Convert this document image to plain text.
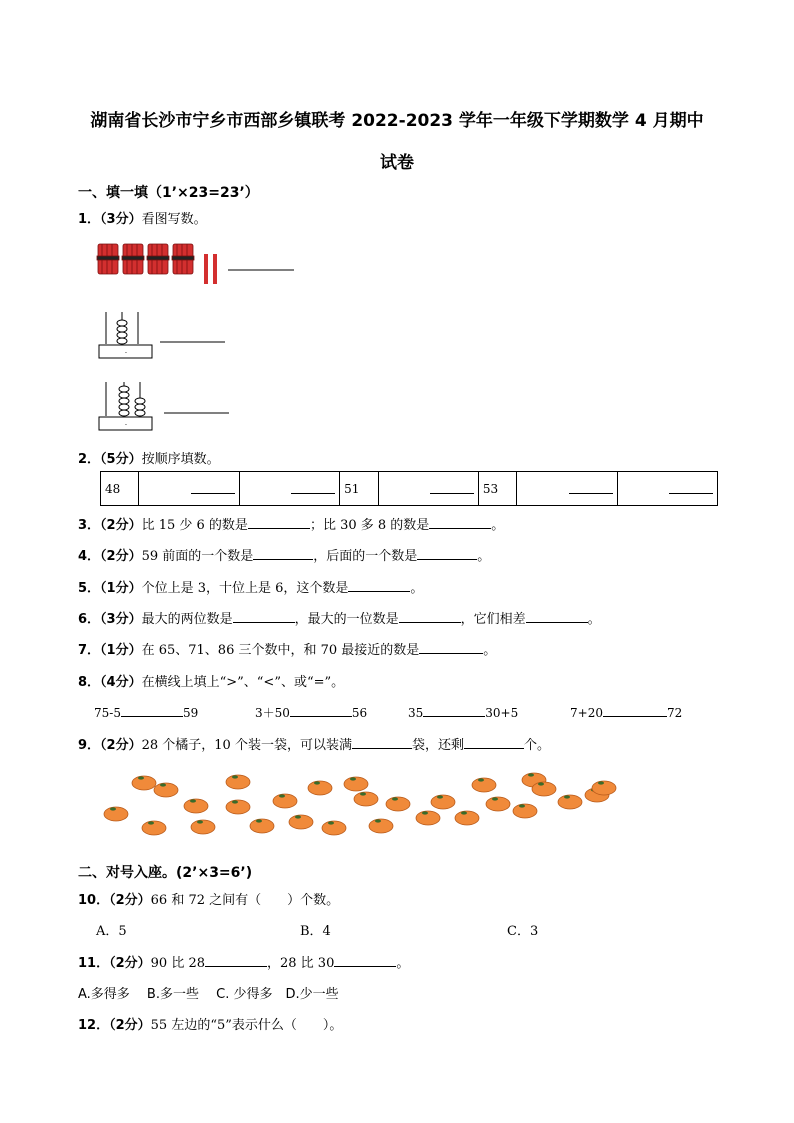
湖南省长沙市宁乡市西部乡镇联考 2022-2023 学年一年级下学期数学 4 月期中
试卷
一、填一填（1’×23=23’）
1．（3分）看图写数。
·
·
2．（5分）按顺序填数。
48			51		53		
3．（2分）比 15 少 6 的数是	；比 30 多 8 的数是	。
4．（2分）59 前面的一个数是	，后面的一个数是	。
5．（1分）个位上是 3，十位上是 6，这个数是	。
6．（3分）最大的两位数是	，最大的一位数是	，它们相差	。
7．（1分）在 65、71、86 三个数中，和 70 最接近的数是	。
8．（4分）在横线上填上“>”、“<”、或“=”。
75-5	59	3＋50	56	35	30+5	7+20	72
9．（2分）28 个橘子，10 个装一袋，可以装满	袋，还剩	个。
二、对号入座。(2’×3=6’)
10．（2分）66 和 72 之间有（　　）个数。
A．5	B．4	C．3
11．（2分）90 比 28	，28 比 30	。
A.多得多　 B.多一些　 C. 少得多　D.少一些
12．（2分）55 左边的“5”表示什么（　　）。
